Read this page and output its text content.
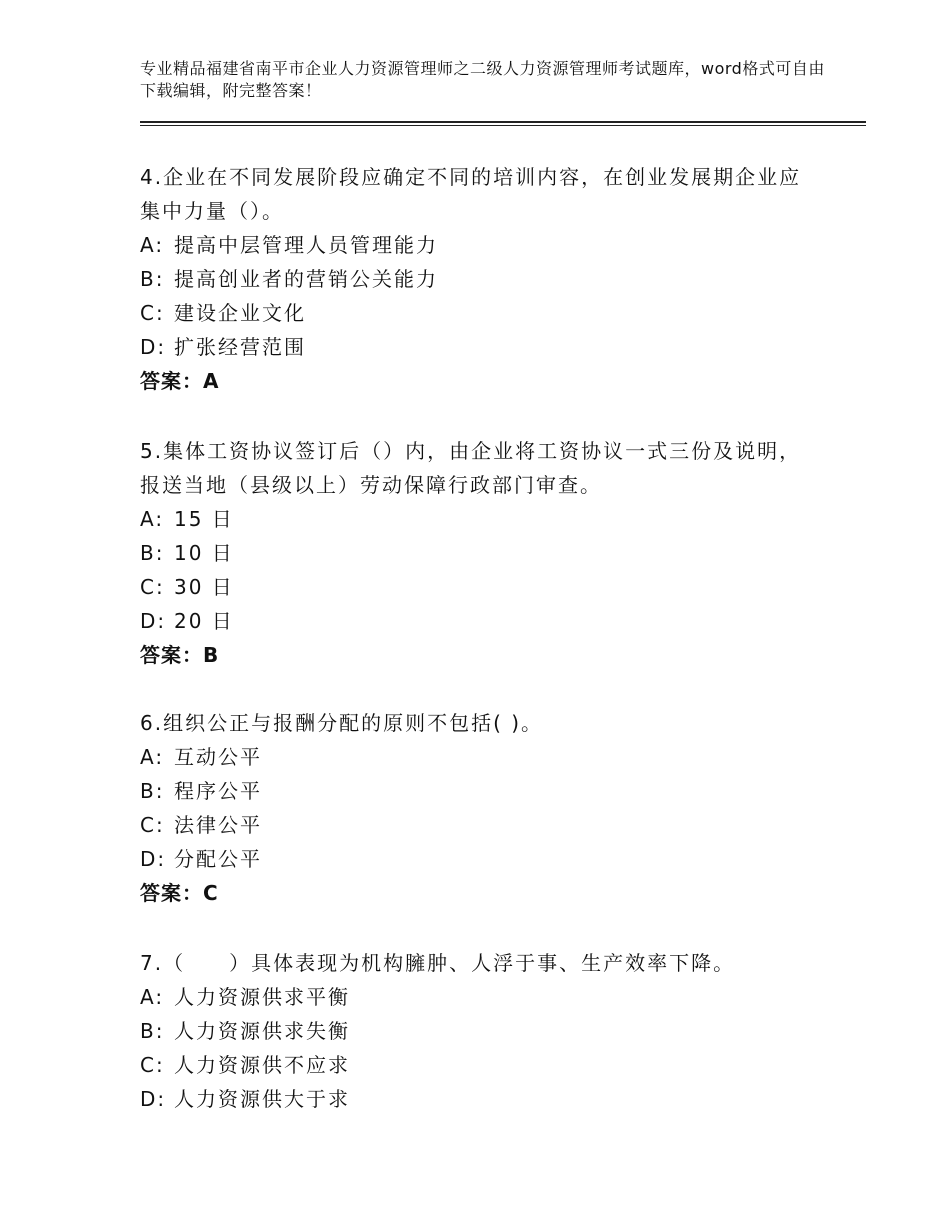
专业精品福建省南平市企业人力资源管理师之二级人力资源管理师考试题库，word格式可自由下载编辑，附完整答案！

4.企业在不同发展阶段应确定不同的培训内容，在创业发展期企业应集中力量（）。

A: 提高中层管理人员管理能力

B: 提高创业者的营销公关能力

C: 建设企业文化

D: 扩张经营范围

答案：A

5.集体工资协议签订后（）内，由企业将工资协议一式三份及说明，报送当地（县级以上）劳动保障行政部门审查。

A: 15 日

B: 10 日

C: 30 日

D: 20 日

答案：B

6.组织公正与报酬分配的原则不包括( )。

A: 互动公平

B: 程序公平

C: 法律公平

D: 分配公平

答案：C

7.（　　）具体表现为机构臃肿、人浮于事、生产效率下降。

A: 人力资源供求平衡

B: 人力资源供求失衡

C: 人力资源供不应求

D: 人力资源供大于求
